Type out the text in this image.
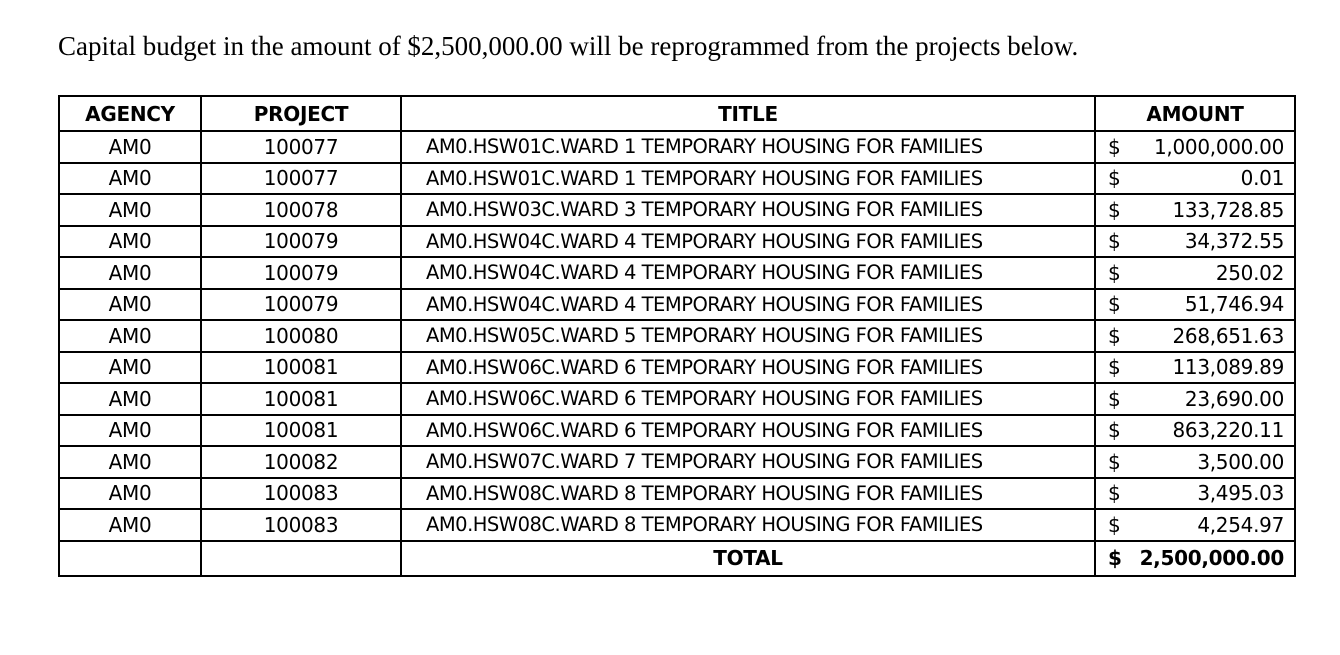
Capital budget in the amount of $2,500,000.00 will be reprogrammed from the projects below.

AGENCY	PROJECT	TITLE	AMOUNT
AM0	100077	AM0.HSW01C.WARD 1 TEMPORARY HOUSING FOR FAMILIES	$ 1,000,000.00

AM0	100077	AM0.HSW01C.WARD 1 TEMPORARY HOUSING FOR FAMILIES	$ 0.01

AM0	100078	AM0.HSW03C.WARD 3 TEMPORARY HOUSING FOR FAMILIES	$ 133,728.85

AM0	100079	AM0.HSW04C.WARD 4 TEMPORARY HOUSING FOR FAMILIES	$ 34,372.55

AM0	100079	AM0.HSW04C.WARD 4 TEMPORARY HOUSING FOR FAMILIES	$ 250.02

AM0	100079	AM0.HSW04C.WARD 4 TEMPORARY HOUSING FOR FAMILIES	$ 51,746.94

AM0	100080	AM0.HSW05C.WARD 5 TEMPORARY HOUSING FOR FAMILIES	$ 268,651.63

AM0	100081	AM0.HSW06C.WARD 6 TEMPORARY HOUSING FOR FAMILIES	$ 113,089.89

AM0	100081	AM0.HSW06C.WARD 6 TEMPORARY HOUSING FOR FAMILIES	$ 23,690.00

AM0	100081	AM0.HSW06C.WARD 6 TEMPORARY HOUSING FOR FAMILIES	$ 863,220.11

AM0	100082	AM0.HSW07C.WARD 7 TEMPORARY HOUSING FOR FAMILIES	$ 3,500.00

AM0	100083	AM0.HSW08C.WARD 8 TEMPORARY HOUSING FOR FAMILIES	$ 3,495.03

AM0	100083	AM0.HSW08C.WARD 8 TEMPORARY HOUSING FOR FAMILIES	$ 4,254.97

		TOTAL	$ 2,500,000.00
